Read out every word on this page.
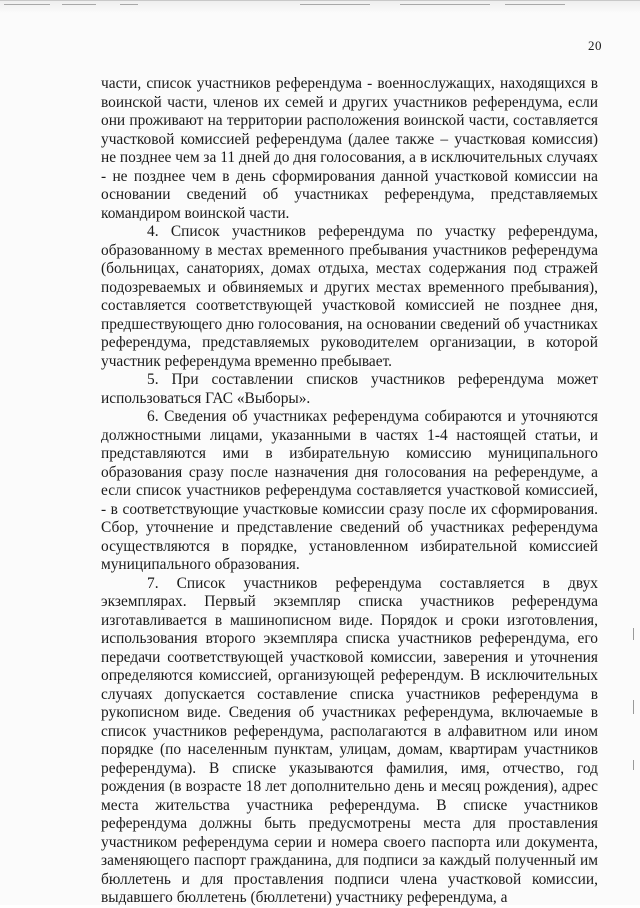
20

части, список участников референдума - военнослужащих, находящихся в воинской части, членов их семей и других участников референдума, если они проживают на территории расположения воинской части, составляется участковой комиссией референдума (далее также – участковая комиссия) не позднее чем за 11 дней до дня голосования, а в исключительных случаях - не позднее чем в день сформирования данной участковой комиссии на основании сведений об участниках референдума, представляемых командиром воинской части.

4. Список участников референдума по участку референдума, образованному в местах временного пребывания участников референдума (больницах, санаториях, домах отдыха, местах содержания под стражей подозреваемых и обвиняемых и других местах временного пребывания), составляется соответствующей участковой комиссией не позднее дня, предшествующего дню голосования, на основании сведений об участниках референдума, представляемых руководителем организации, в которой участник референдума временно пребывает.

5. При составлении списков участников референдума может использоваться ГАС «Выборы».

6. Сведения об участниках референдума собираются и уточняются должностными лицами, указанными в частях 1-4 настоящей статьи, и представляются ими в избирательную комиссию муниципального образования сразу после назначения дня голосования на референдуме, а если список участников референдума составляется участковой комиссией, - в соответствующие участковые комиссии сразу после их сформирования. Сбор, уточнение и представление сведений об участниках референдума осуществляются в порядке, установленном избирательной комиссией муниципального образования.

7. Список участников референдума составляется в двух экземплярах. Первый экземпляр списка участников референдума изготавливается в машинописном виде. Порядок и сроки изготовления, использования второго экземпляра списка участников референдума, его передачи соответствующей участковой комиссии, заверения и уточнения определяются комиссией, организующей референдум. В исключительных случаях допускается составление списка участников референдума в рукописном виде. Сведения об участниках референдума, включаемые в список участников референдума, располагаются в алфавитном или ином порядке (по населенным пунктам, улицам, домам, квартирам участников референдума). В списке указываются фамилия, имя, отчество, год рождения (в возрасте 18 лет дополнительно день и месяц рождения), адрес места жительства участника референдума. В списке участников референдума должны быть предусмотрены места для проставления участником референдума серии и номера своего паспорта или документа, заменяющего паспорт гражданина, для подписи за каждый полученный им бюллетень и для проставления подписи члена участковой комиссии, выдавшего бюллетень (бюллетени) участнику референдума, а
